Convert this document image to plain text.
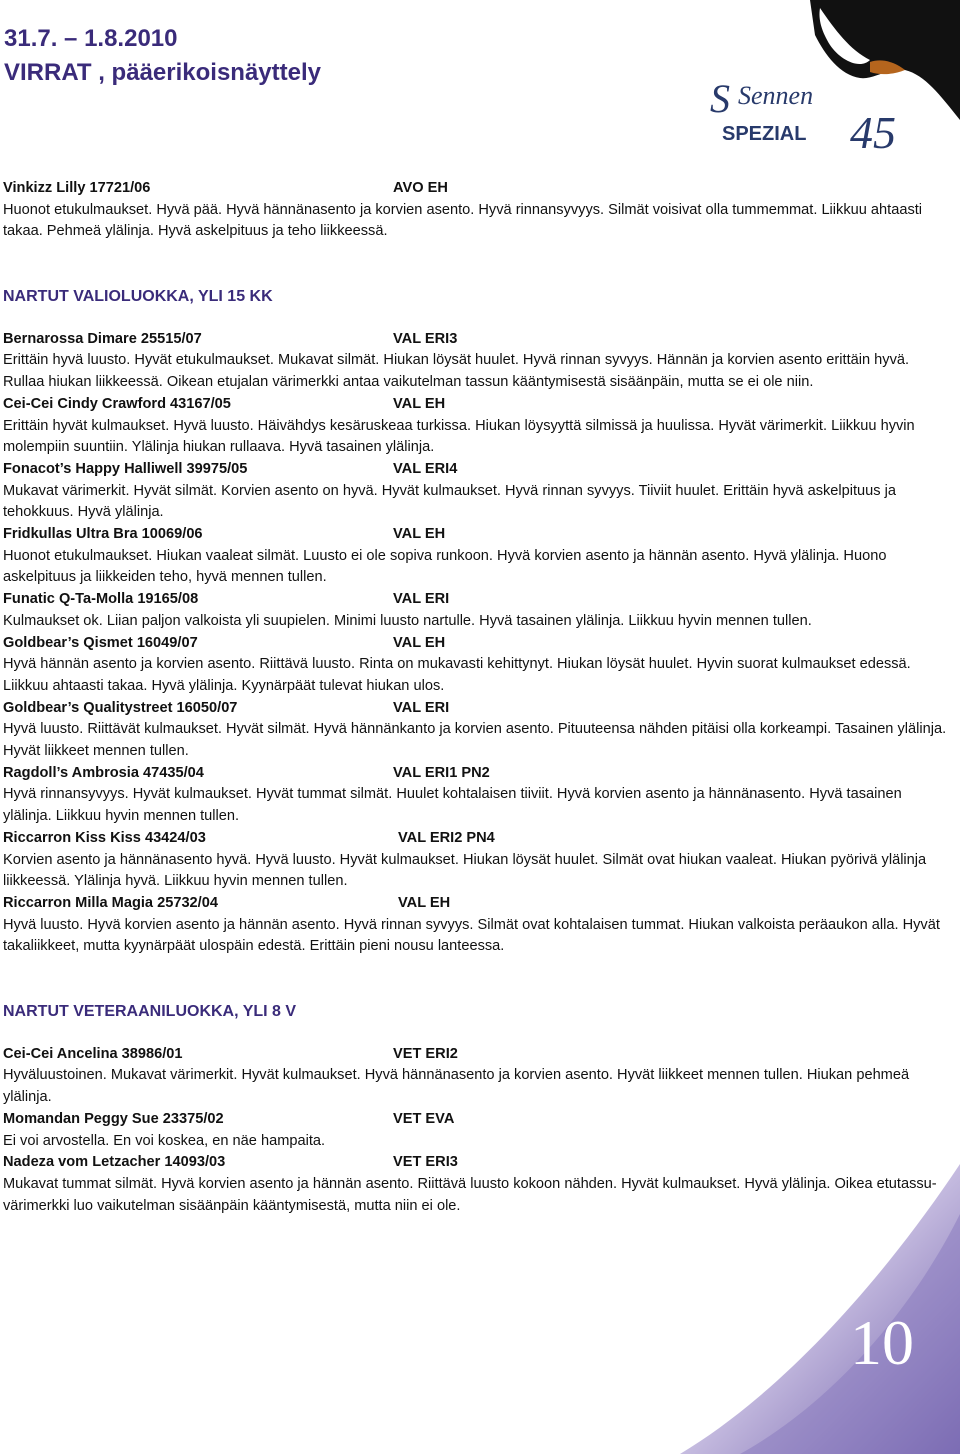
31.7. – 1.8.2010
VIRRAT , pääerikoisnäyttely
S Sennen
SPEZIAL 45
Vinkizz Lilly 17721/06	AVO EH
Huonot etukulmaukset. Hyvä pää. Hyvä hännänasento ja korvien asento. Hyvä rinnansyvyys. Silmät voisivat olla tummemmat. Liikkuu ahtaasti takaa. Pehmeä ylälinja. Hyvä askelpituus ja teho liikkeessä.
NARTUT VALIOLUOKKA, YLI 15 KK
Bernarossa Dimare 25515/07	VAL ERI3
Erittäin hyvä luusto. Hyvät etukulmaukset. Mukavat silmät. Hiukan löysät huulet. Hyvä rinnan syvyys. Hännän ja korvien asento erittäin hyvä. Rullaa hiukan liikkeessä. Oikean etujalan värimerkki antaa vaikutelman tassun kääntymisestä sisäänpäin, mutta se ei ole niin.
Cei-Cei Cindy Crawford 43167/05	VAL EH
Erittäin hyvät kulmaukset. Hyvä luusto. Häivähdys kesäruskeaa turkissa. Hiukan löysyyttä silmissä ja huulissa. Hyvät värimerkit. Liikkuu hyvin molempiin suuntiin. Ylälinja hiukan rullaava. Hyvä tasainen ylälinja.
Fonacot’s Happy Halliwell 39975/05	VAL ERI4
Mukavat värimerkit. Hyvät silmät. Korvien asento on hyvä. Hyvät kulmaukset. Hyvä rinnan syvyys. Tiiviit huulet. Erittäin hyvä askelpituus ja tehokkuus. Hyvä ylälinja.
Fridkullas Ultra Bra 10069/06	VAL EH
Huonot etukulmaukset. Hiukan vaaleat silmät. Luusto ei ole sopiva runkoon. Hyvä korvien asento ja hännän asento. Hyvä ylälinja. Huono askelpituus ja liikkeiden teho, hyvä mennen tullen.
Funatic Q-Ta-Molla 19165/08	VAL ERI
Kulmaukset ok. Liian paljon valkoista yli suupielen. Minimi luusto nartulle. Hyvä tasainen ylälinja. Liikkuu hyvin mennen tullen.
Goldbear’s Qismet 16049/07	VAL EH
Hyvä hännän asento ja korvien asento. Riittävä luusto. Rinta on mukavasti kehittynyt. Hiukan löysät huulet. Hyvin suorat kulmaukset edessä. Liikkuu ahtaasti takaa. Hyvä ylälinja. Kyynärpäät tulevat hiukan ulos.
Goldbear’s Qualitystreet 16050/07	VAL ERI
Hyvä luusto. Riittävät kulmaukset. Hyvät silmät. Hyvä hännänkanto ja korvien asento. Pituuteensa nähden pitäisi olla korkeampi. Tasainen ylälinja. Hyvät liikkeet mennen tullen.
Ragdoll’s Ambrosia 47435/04	VAL ERI1 PN2
Hyvä rinnansyvyys. Hyvät kulmaukset. Hyvät tummat silmät. Huulet kohtalaisen tiiviit. Hyvä korvien asento ja hännänasento. Hyvä tasainen ylälinja. Liikkuu hyvin mennen tullen.
Riccarron Kiss Kiss 43424/03	VAL ERI2 PN4
Korvien asento ja hännänasento hyvä. Hyvä luusto. Hyvät kulmaukset. Hiukan löysät huulet. Silmät ovat hiukan vaaleat. Hiukan pyörivä ylälinja liikkeessä. Ylälinja hyvä. Liikkuu hyvin mennen tullen.
Riccarron Milla Magia 25732/04	VAL EH
Hyvä luusto. Hyvä korvien asento ja hännän asento. Hyvä rinnan syvyys. Silmät ovat kohtalaisen tummat. Hiukan valkoista peräaukon alla. Hyvät takaliikkeet, mutta kyynärpäät ulospäin edestä. Erittäin pieni nousu lanteessa.
NARTUT VETERAANILUOKKA, YLI 8 V
Cei-Cei Ancelina 38986/01	VET ERI2
Hyväluustoinen. Mukavat värimerkit. Hyvät kulmaukset. Hyvä hännänasento ja korvien asento. Hyvät liikkeet mennen tullen. Hiukan pehmeä ylälinja.
Momandan Peggy Sue 23375/02	VET EVA
Ei voi arvostella. En voi koskea, en näe hampaita.
Nadeza vom Letzacher 14093/03	VET ERI3
Mukavat tummat silmät. Hyvä korvien asento ja hännän asento. Riittävä luusto kokoon nähden. Hyvät kulmaukset. Hyvä ylälinja. Oikea etutassu-värimerkki luo vaikutelman sisäänpäin kääntymisestä, mutta niin ei ole.
10
